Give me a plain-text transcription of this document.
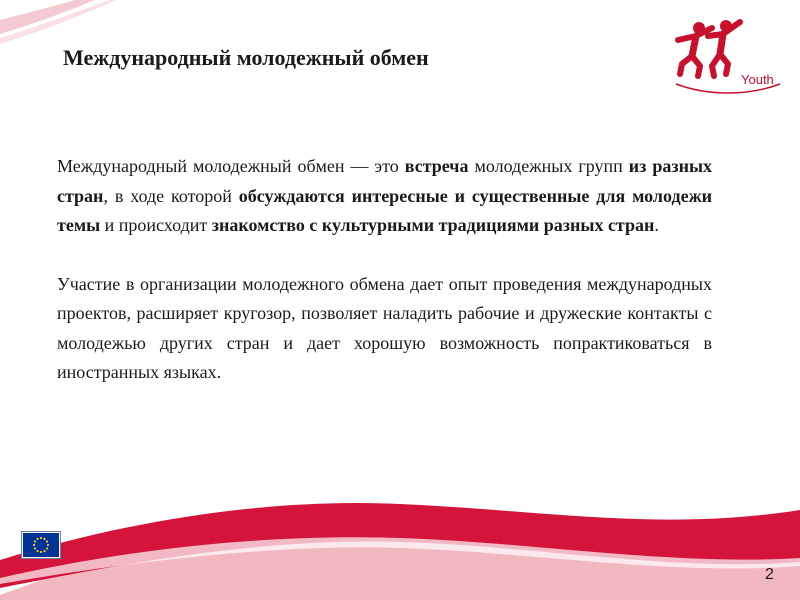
Международный молодежный обмен
Youth

Международный молодежный обмен — это встреча молодежных групп из разных стран, в ходе которой обсуждаются интересные и существенные для молодежи темы и происходит знакомство с культурными традициями разных стран.

Участие в организации молодежного обмена дает опыт проведения международных проектов, расширяет кругозор, позволяет наладить рабочие и дружеские контакты с молодежью других стран и дает хорошую возможность попрактиковаться в иностранных языках.

2
